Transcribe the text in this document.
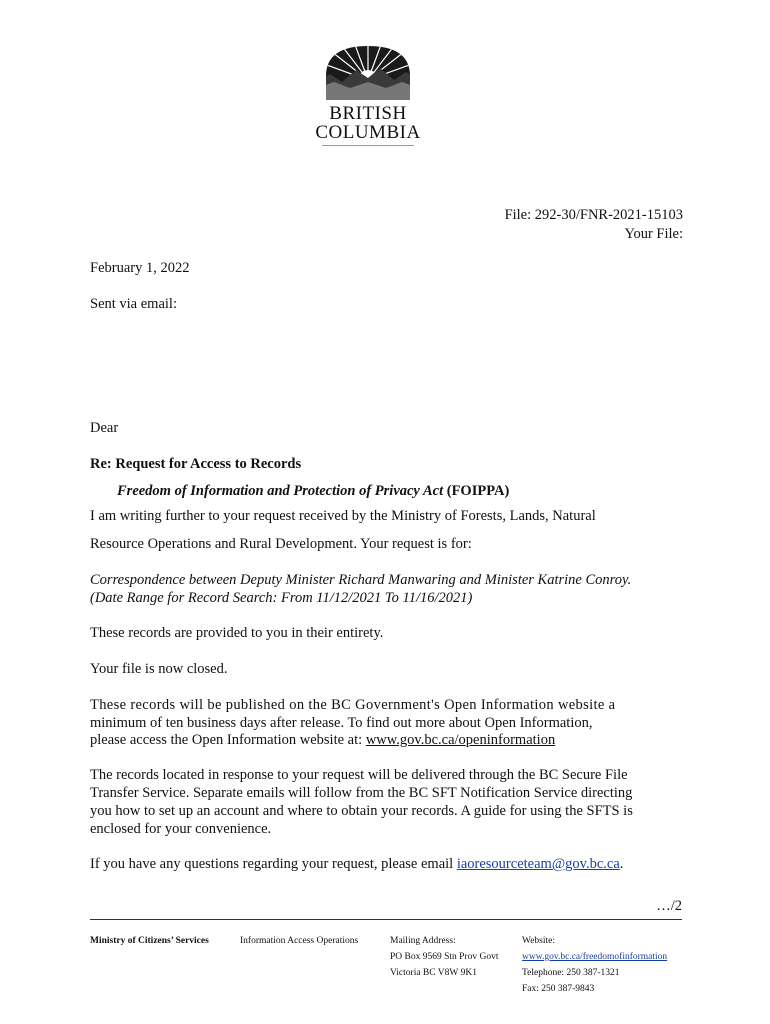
BRITISH
COLUMBIA
File: 292-30/FNR-2021-15103
Your File:
February 1, 2022
Sent via email:
Dear
Re: Request for Access to Records
Freedom of Information and Protection of Privacy Act (FOIPPA)
I am writing further to your request received by the Ministry of Forests, Lands, Natural
Resource Operations and Rural Development. Your request is for:
Correspondence between Deputy Minister Richard Manwaring and Minister Katrine Conroy.
(Date Range for Record Search: From 11/12/2021 To 11/16/2021)
These records are provided to you in their entirety.
Your file is now closed.
These records will be published on the BC Government's Open Information website a
minimum of ten business days after release. To find out more about Open Information,
please access the Open Information website at: www.gov.bc.ca/openinformation
The records located in response to your request will be delivered through the BC Secure File
Transfer Service. Separate emails will follow from the BC SFT Notification Service directing
you how to set up an account and where to obtain your records. A guide for using the SFTS is
enclosed for your convenience.
If you have any questions regarding your request, please email iaoresourceteam@gov.bc.ca.
…/2
Ministry of Citizens’ Services	Information Access Operations	Mailing Address:
PO Box 9569 Stn Prov Govt
Victoria BC V8W 9K1
Website:
www.gov.bc.ca/freedomofinformation
Telephone: 250 387-1321
Fax: 250 387-9843
